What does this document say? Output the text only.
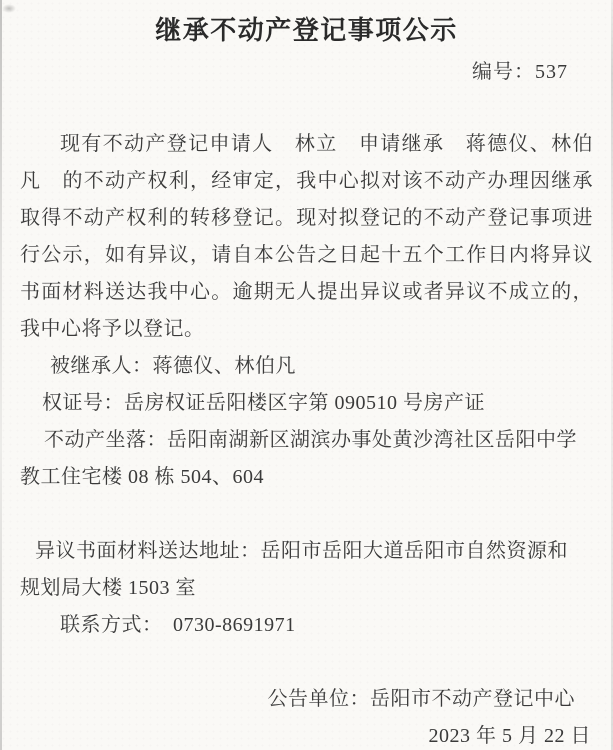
继承不动产登记事项公示
编号：537
现有不动产登记申请人　林立　申请继承　蒋德仪、林伯
凡　的不动产权利，经审定，我中心拟对该不动产办理因继承
取得不动产权利的转移登记。现对拟登记的不动产登记事项进
行公示，如有异议，请自本公告之日起十五个工作日内将异议
书面材料送达我中心。逾期无人提出异议或者异议不成立的，
我中心将予以登记。
被继承人：蒋德仪、林伯凡
权证号：岳房权证岳阳楼区字第 090510 号房产证
不动产坐落：岳阳南湖新区湖滨办事处黄沙湾社区岳阳中学
教工住宅楼 08 栋 504、604
异议书面材料送达地址：岳阳市岳阳大道岳阳市自然资源和
规划局大楼 1503 室
联系方式：　0730-8691971
公告单位：岳阳市不动产登记中心
2023 年 5 月 22 日
